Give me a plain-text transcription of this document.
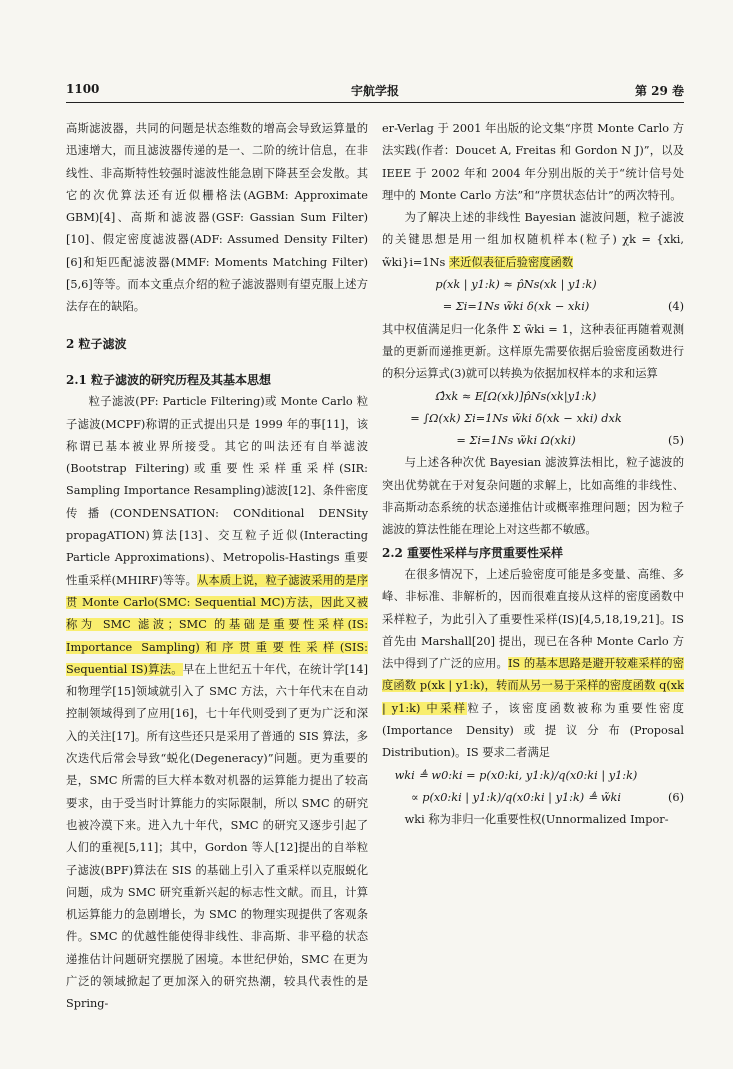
1100	宇航学报	第 29 卷

高斯滤波器，共同的问题是状态维数的增高会导致运算量的迅速增大，而且滤波器传递的是一、二阶的统计信息，在非线性、非高斯特性较强时滤波性能急剧下降甚至会发散。其它的次优算法还有近似栅格法(AGBM: Approximate GBM)[4]、高斯和滤波器(GSF: Gassian Sum Filter)[10]、假定密度滤波器(ADF: Assumed Density Filter)[6]和矩匹配滤波器(MMF: Moments Matching Filter)[5,6]等等。而本文重点介绍的粒子滤波器则有望克服上述方法存在的缺陷。

2 粒子滤波

2.1 粒子滤波的研究历程及其基本思想

粒子滤波(PF: Particle Filtering)或 Monte Carlo 粒子滤波(MCPF)称谓的正式提出只是 1999 年的事[11]，该称谓已基本被业界所接受。其它的叫法还有自举滤波(Bootstrap Filtering)或重要性采样重采样(SIR: Sampling Importance Resampling)滤波[12]、条件密度传播(CONDENSATION: CONditional DENSity propagATION)算法[13]、交互粒子近似(Interacting Particle Approximations)、Metropolis-Hastings 重要性重采样(MHIRF)等等。从本质上说，粒子滤波采用的是序贯 Monte Carlo(SMC: Sequential MC)方法，因此又被称为 SMC 滤波；SMC 的基础是重要性采样(IS: Importance Sampling)和序贯重要性采样(SIS: Sequential IS)算法。早在上世纪五十年代，在统计学[14]和物理学[15]领域就引入了 SMC 方法，六十年代末在自动控制领域得到了应用[16]，七十年代则受到了更为广泛和深入的关注[17]。所有这些还只是采用了普通的 SIS 算法，多次迭代后常会导致“蜕化(Degeneracy)”问题。更为重要的是，SMC 所需的巨大样本数对机器的运算能力提出了较高要求，由于受当时计算能力的实际限制，所以 SMC 的研究也被冷漠下来。进入九十年代，SMC 的研究又逐步引起了人们的重视[5,11]；其中，Gordon 等人[12]提出的自举粒子滤波(BPF)算法在 SIS 的基础上引入了重采样以克服蜕化问题，成为 SMC 研究重新兴起的标志性文献。而且，计算机运算能力的急剧增长，为 SMC 的物理实现提供了客观条件。SMC 的优越性能使得非线性、非高斯、非平稳的状态递推估计问题研究摆脱了困境。本世纪伊始，SMC 在更为广泛的领域掀起了更加深入的研究热潮，较具代表性的是 Spring-

er-Verlag 于 2001 年出版的论文集“序贯 Monte Carlo 方法实践(作者：Doucet A, Freitas 和 Gordon N J)”，以及 IEEE 于 2002 年和 2004 年分别出版的关于“统计信号处理中的 Monte Carlo 方法”和“序贯状态估计”的两次特刊。

为了解决上述的非线性 Bayesian 滤波问题，粒子滤波的关键思想是用一组加权随机样本(粒子) χk = {xki, w̃ki}i=1Ns 来近似表征后验密度函数

p(xk | y1:k) ≈ p̂Ns(xk | y1:k)
= Σi=1Ns w̃ki δ(xk − xki)	(4)

其中权值满足归一化条件 Σ w̃ki = 1，这种表征再随着观测量的更新而递推更新。这样原先需要依据后验密度函数进行的积分运算式(3)就可以转换为依据加权样本的求和运算

Ω̂xk ≈ E[Ω(xk)]p̂Ns(xk|y1:k)
= ∫Ω(xk) Σi=1Ns w̃ki δ(xk − xki) dxk
= Σi=1Ns w̃ki Ω(xki)	(5)

与上述各种次优 Bayesian 滤波算法相比，粒子滤波的突出优势就在于对复杂问题的求解上，比如高维的非线性、非高斯动态系统的状态递推估计或概率推理问题；因为粒子滤波的算法性能在理论上对这些都不敏感。

2.2 重要性采样与序贯重要性采样

在很多情况下，上述后验密度可能是多变量、高维、多峰、非标准、非解析的，因而很难直接从这样的密度函数中采样粒子，为此引入了重要性采样(IS)[4,5,18,19,21]。IS 首先由 Marshall[20] 提出，现已在各种 Monte Carlo 方法中得到了广泛的应用。IS 的基本思路是避开较难采样的密度函数 p(xk | y1:k)，转而从另一易于采样的密度函数 q(xk | y1:k) 中采样粒子，该密度函数被称为重要性密度(Importance Density)或提议分布(Proposal Distribution)。IS 要求二者满足

wki ≜ w0:ki = p(x0:ki, y1:k)/q(x0:ki | y1:k)
∝ p(x0:ki | y1:k)/q(x0:ki | y1:k) ≜ w̃ki	(6)

wki 称为非归一化重要性权(Unnormalized Impor-
